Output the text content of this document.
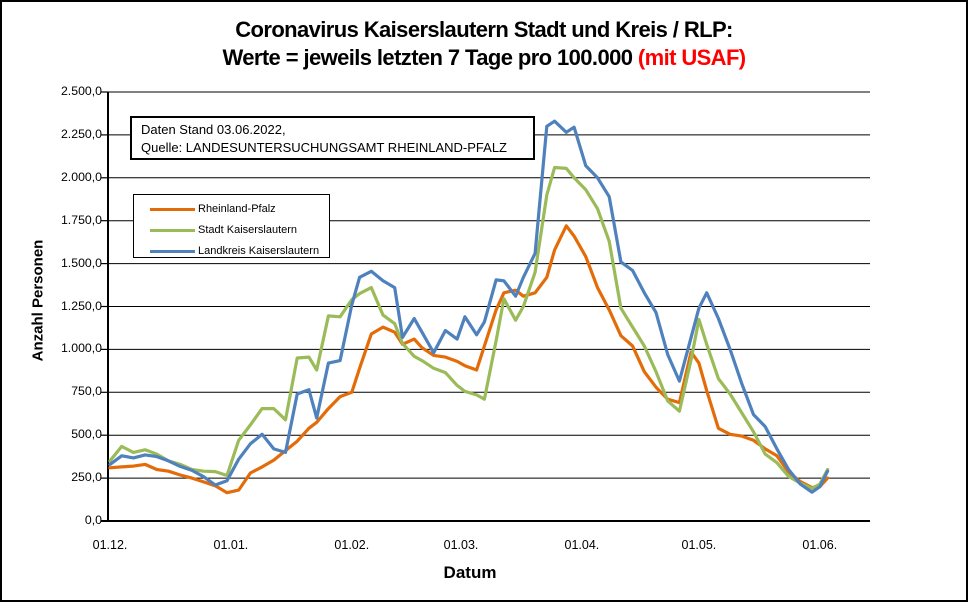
Coronavirus Kaiserslautern Stadt und Kreis / RLP:
Werte = jeweils letzten 7 Tage pro 100.000 (mit USAF)
Daten Stand 03.06.2022,
Quelle: LANDESUNTERSUCHUNGSAMT RHEINLAND-PFALZ
Rheinland-Pfalz
Stadt Kaiserslautern
Landkreis Kaiserslautern
Anzahl Personen
Datum
2.500,0
2.250,0
2.000,0
1.750,0
1.500,0
1.250,0
1.000,0
750,0
500,0
250,0
0,0
01.12.	01.01.	01.02.	01.03.	01.04.	01.05.	01.06.
